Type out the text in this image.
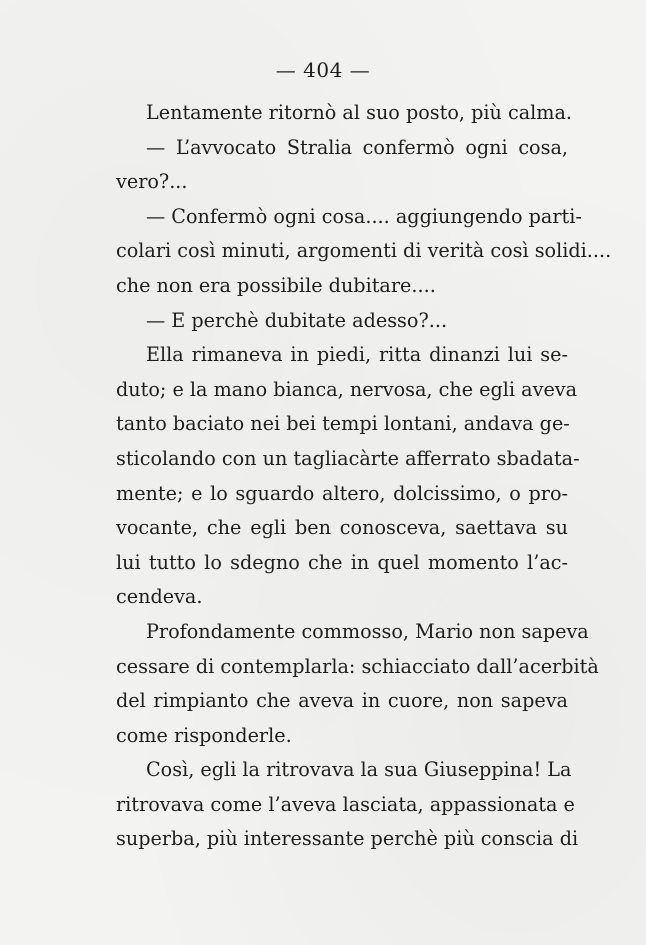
— 404 —
Lentamente ritornò al suo posto, più calma.
— L’avvocato Stralia confermò ogni cosa,
vero?...
— Confermò ogni cosa.... aggiungendo parti-
colari così minuti, argomenti di verità così solidi....
che non era possibile dubitare....
— E perchè dubitate adesso?...
Ella rimaneva in piedi, ritta dinanzi lui se-
duto; e la mano bianca, nervosa, che egli aveva
tanto baciato nei bei tempi lontani, andava ge-
sticolando con un tagliacàrte afferrato sbadata-
mente; e lo sguardo altero, dolcissimo, o pro-
vocante, che egli ben conosceva, saettava su
lui tutto lo sdegno che in quel momento l’ac-
cendeva.
Profondamente commosso, Mario non sapeva
cessare di contemplarla: schiacciato dall’acerbità
del rimpianto che aveva in cuore, non sapeva
come risponderle.
Così, egli la ritrovava la sua Giuseppina! La
ritrovava come l’aveva lasciata, appassionata e
superba, più interessante perchè più conscia di
